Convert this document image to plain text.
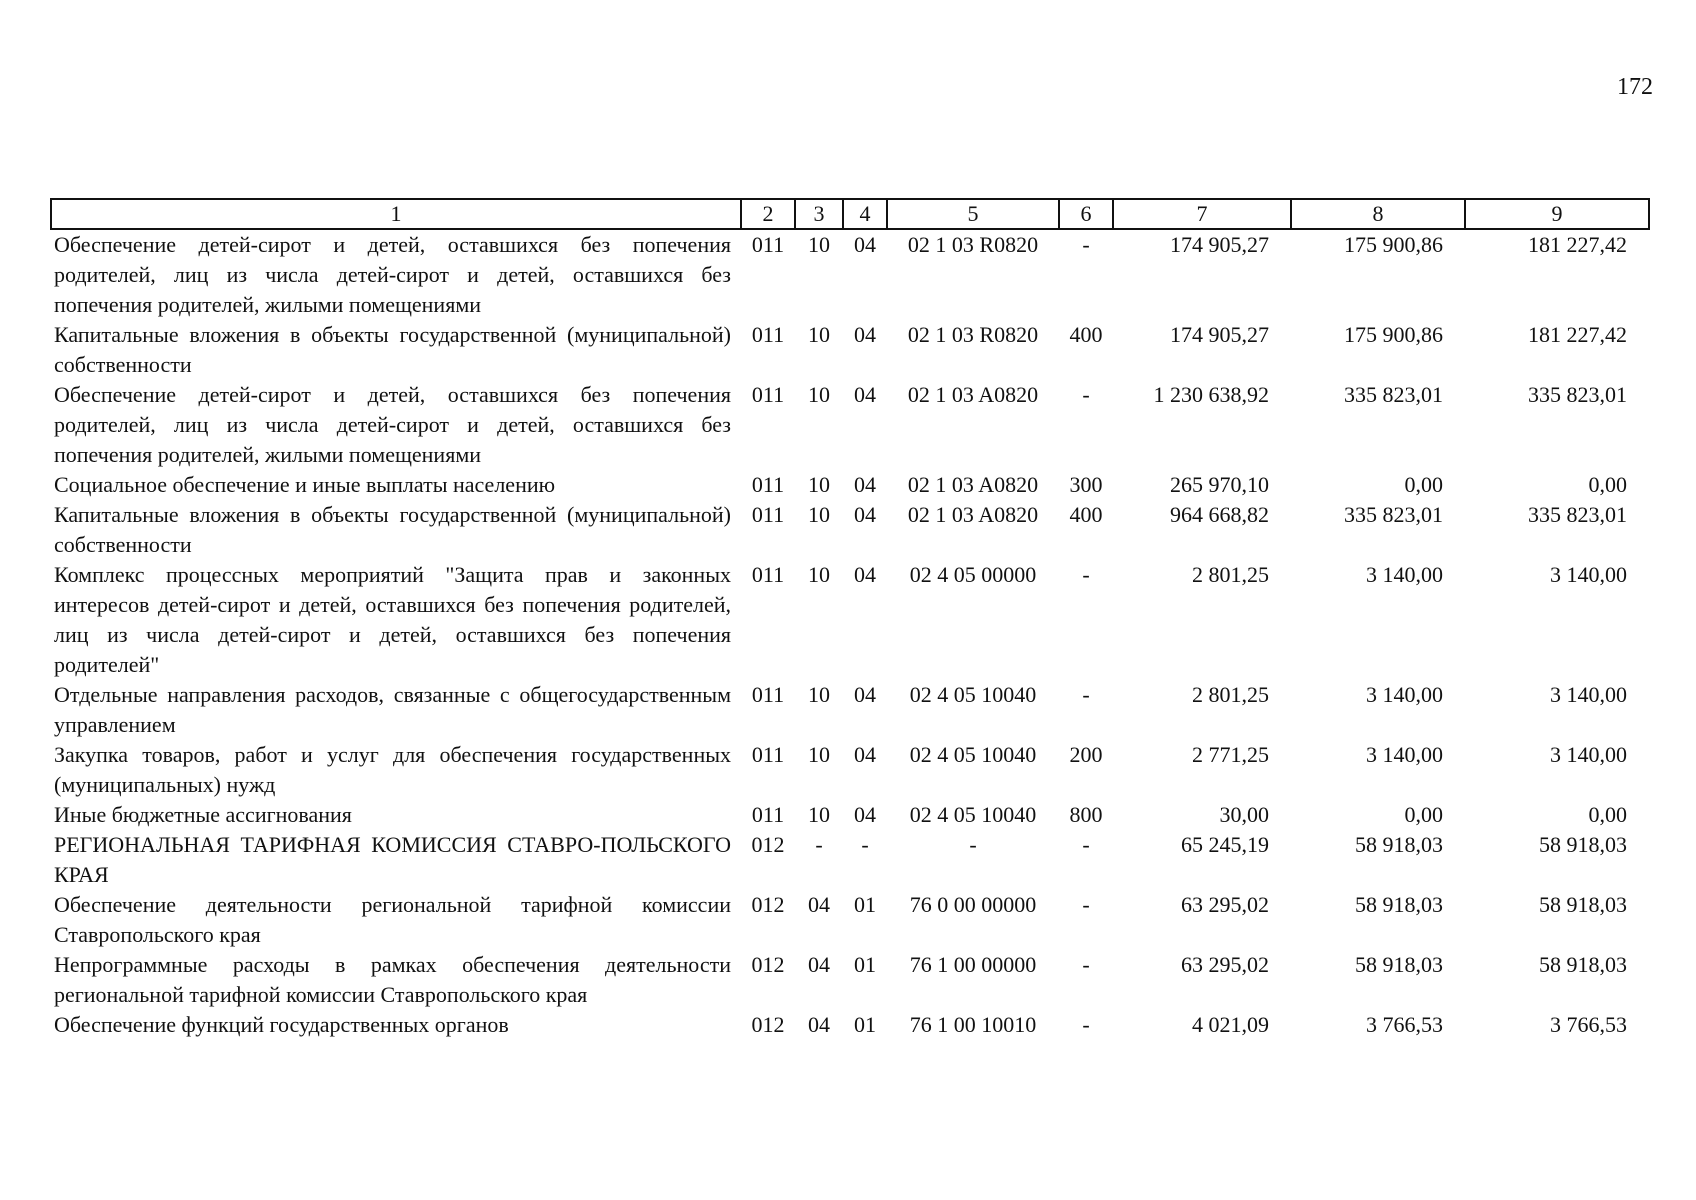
172
1	2	3	4	5	6	7	8	9
Обеспечение детей-сирот и детей, оставшихся без попечения родителей, лиц из числа детей-сирот и детей, оставшихся без попечения родителей, жилыми помещениями	011	10	04	02 1 03 R0820	-	174 905,27	175 900,86	181 227,42
Капитальные вложения в объекты государственной (муниципальной) собственности	011	10	04	02 1 03 R0820	400	174 905,27	175 900,86	181 227,42
Обеспечение детей-сирот и детей, оставшихся без попечения родителей, лиц из числа детей-сирот и детей, оставшихся без попечения родителей, жилыми помещениями	011	10	04	02 1 03 A0820	-	1 230 638,92	335 823,01	335 823,01
Социальное обеспечение и иные выплаты населению	011	10	04	02 1 03 A0820	300	265 970,10	0,00	0,00
Капитальные вложения в объекты государственной (муниципальной) собственности	011	10	04	02 1 03 A0820	400	964 668,82	335 823,01	335 823,01
Комплекс процессных мероприятий "Защита прав и законных интересов детей-сирот и детей, оставшихся без попечения родителей, лиц из числа детей-сирот и детей, оставшихся без попечения родителей"	011	10	04	02 4 05 00000	-	2 801,25	3 140,00	3 140,00
Отдельные направления расходов, связанные с общегосударственным управлением	011	10	04	02 4 05 10040	-	2 801,25	3 140,00	3 140,00
Закупка товаров, работ и услуг для обеспечения государственных (муниципальных) нужд	011	10	04	02 4 05 10040	200	2 771,25	3 140,00	3 140,00
Иные бюджетные ассигнования	011	10	04	02 4 05 10040	800	30,00	0,00	0,00
РЕГИОНАЛЬНАЯ ТАРИФНАЯ КОМИССИЯ СТАВРО-ПОЛЬСКОГО КРАЯ	012	-	-	-	-	65 245,19	58 918,03	58 918,03
Обеспечение деятельности региональной тарифной комиссии Ставропольского края	012	04	01	76 0 00 00000	-	63 295,02	58 918,03	58 918,03
Непрограммные расходы в рамках обеспечения деятельности региональной тарифной комиссии Ставропольского края	012	04	01	76 1 00 00000	-	63 295,02	58 918,03	58 918,03
Обеспечение функций государственных органов	012	04	01	76 1 00 10010	-	4 021,09	3 766,53	3 766,53
